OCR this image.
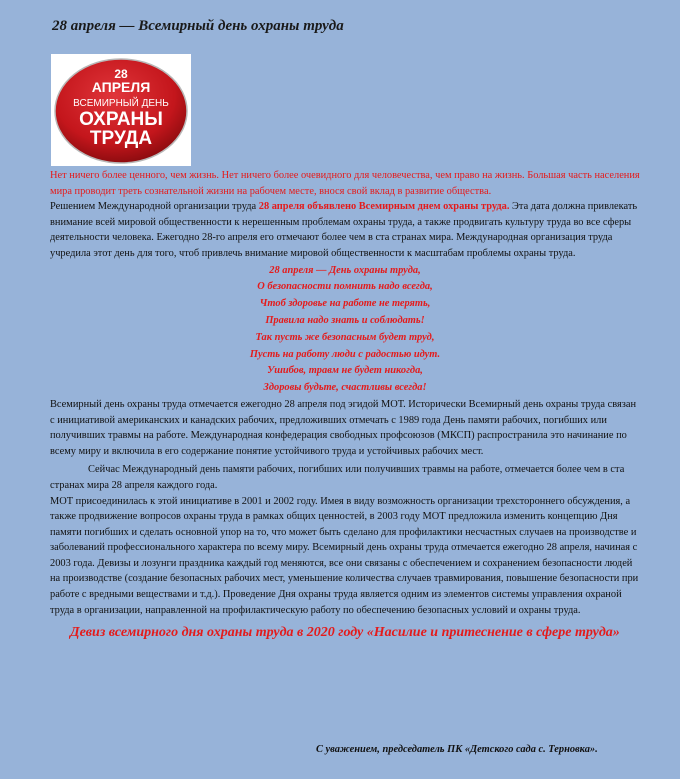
28 апреля — Всемирный день охраны труда
28
АПРЕЛЯ
ВСЕМИРНЫЙ ДЕНЬ
ОХРАНЫ
ТРУДА

Нет ничего более ценного, чем жизнь. Нет ничего более очевидного для человечества, чем право на жизнь. Большая часть населения мира проводит треть сознательной жизни на рабочем месте, внося свой вклад в развитие общества.

Решением Международной организации труда 28 апреля объявлено Всемирным днем охраны труда. Эта дата должна привлекать внимание всей мировой общественности к нерешенным проблемам охраны труда, а также продвигать культуру труда во все сферы деятельности человека. Ежегодно 28-го апреля его отмечают более чем в ста странах мира. Международная организация труда учредила этот день для того, чтоб привлечь внимание мировой общественности к масштабам проблемы охраны труда.

28 апреля — День охраны труда,
О безопасности помнить надо всегда,
Чтоб здоровье на работе не терять,
Правила надо знать и соблюдать!
Так пусть же безопасным будет труд,
Пусть на работу люди с радостью идут.
Ушибов, травм не будет никогда,
Здоровы будьте, счастливы всегда!

Всемирный день охраны труда отмечается ежегодно 28 апреля под эгидой МОТ. Исторически Всемирный день охраны труда связан с инициативой американских и канадских рабочих, предложивших отмечать с 1989 года День памяти рабочих, погибших или получивших травмы на работе. Международная конфедерация свободных профсоюзов (МКСП) распространила это начинание по всему миру и включила в его содержание понятие устойчивого труда и устойчивых рабочих мест.

Сейчас Международный день памяти рабочих, погибших или получивших травмы на работе, отмечается более чем в ста странах мира 28 апреля каждого года.

МОТ присоединилась к этой инициативе в 2001 и 2002 году. Имея в виду возможность организации трехстороннего обсуждения, а также продвижение вопросов охраны труда в рамках общих ценностей, в 2003 году МОТ предложила изменить концепцию Дня памяти погибших и сделать основной упор на то, что может быть сделано для профилактики несчастных случаев на производстве и заболеваний профессионального характера по всему миру. Всемирный день охраны труда отмечается ежегодно 28 апреля, начиная с 2003 года. Девизы и лозунги праздника каждый год меняются, все они связаны с обеспечением и сохранением безопасности людей на производстве (создание безопасных рабочих мест, уменьшение количества случаев травмирования, повышение безопасности при работе с вредными веществами и т.д.). Проведение Дня охраны труда является одним из элементов системы управления охраной труда в организации, направленной на профилактическую работу по обеспечению безопасных условий и охраны труда.

Девиз всемирного дня охраны труда в 2020 году «Насилие и притеснение в сфере труда»

С уважением, председатель ПК «Детского сада с. Терновка».
